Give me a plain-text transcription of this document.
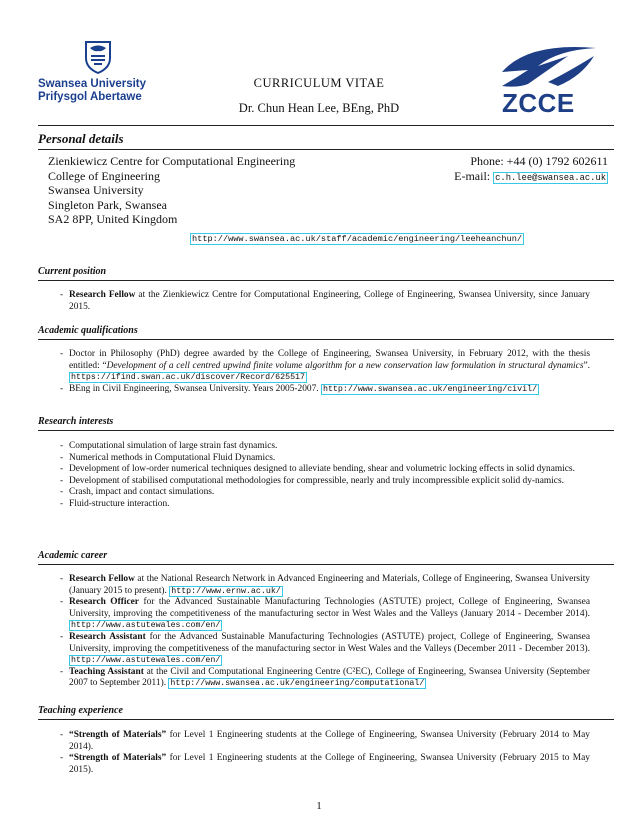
Swansea University
Prifysgol Abertawe	ZCCE
CURRICULUM VITAE
Dr. Chun Hean Lee, BEng, PhD
Personal details
Zienkiewicz Centre for Computational Engineering
College of Engineering
Swansea University
Singleton Park, Swansea
SA2 8PP, United Kingdom
Phone: +44 (0) 1792 602611
E-mail: c.h.lee@swansea.ac.uk
http://www.swansea.ac.uk/staff/academic/engineering/leeheanchun/
Current position
- Research Fellow at the Zienkiewicz Centre for Computational Engineering, College of Engineering, Swansea University, since January 2015.
Academic qualifications
- Doctor in Philosophy (PhD) degree awarded by the College of Engineering, Swansea University, in February 2012, with the thesis entitled: “Development of a cell centred upwind finite volume algorithm for a new conservation law formulation in structural dynamics”. https://ifind.swan.ac.uk/discover/Record/625517
- BEng in Civil Engineering, Swansea University. Years 2005-2007. http://www.swansea.ac.uk/engineering/civil/
Research interests
- Computational simulation of large strain fast dynamics.
- Numerical methods in Computational Fluid Dynamics.
- Development of low-order numerical techniques designed to alleviate bending, shear and volumetric locking effects in solid dynamics.
- Development of stabilised computational methodologies for compressible, nearly and truly incompressible explicit solid dy-namics.
- Crash, impact and contact simulations.
- Fluid-structure interaction.
Academic career
- Research Fellow at the National Research Network in Advanced Engineering and Materials, College of Engineering, Swansea University (January 2015 to present). http://www.ernw.ac.uk/
- Research Officer for the Advanced Sustainable Manufacturing Technologies (ASTUTE) project, College of Engineering, Swansea University, improving the competitiveness of the manufacturing sector in West Wales and the Valleys (January 2014 - December 2014). http://www.astutewales.com/en/
- Research Assistant for the Advanced Sustainable Manufacturing Technologies (ASTUTE) project, College of Engineering, Swansea University, improving the competitiveness of the manufacturing sector in West Wales and the Valleys (December 2011 - December 2013). http://www.astutewales.com/en/
- Teaching Assistant at the Civil and Computational Engineering Centre (C²EC), College of Engineering, Swansea University (September 2007 to September 2011). http://www.swansea.ac.uk/engineering/computational/
Teaching experience
- “Strength of Materials” for Level 1 Engineering students at the College of Engineering, Swansea University (February 2014 to May 2014).
- “Strength of Materials” for Level 1 Engineering students at the College of Engineering, Swansea University (February 2015 to May 2015).
1
